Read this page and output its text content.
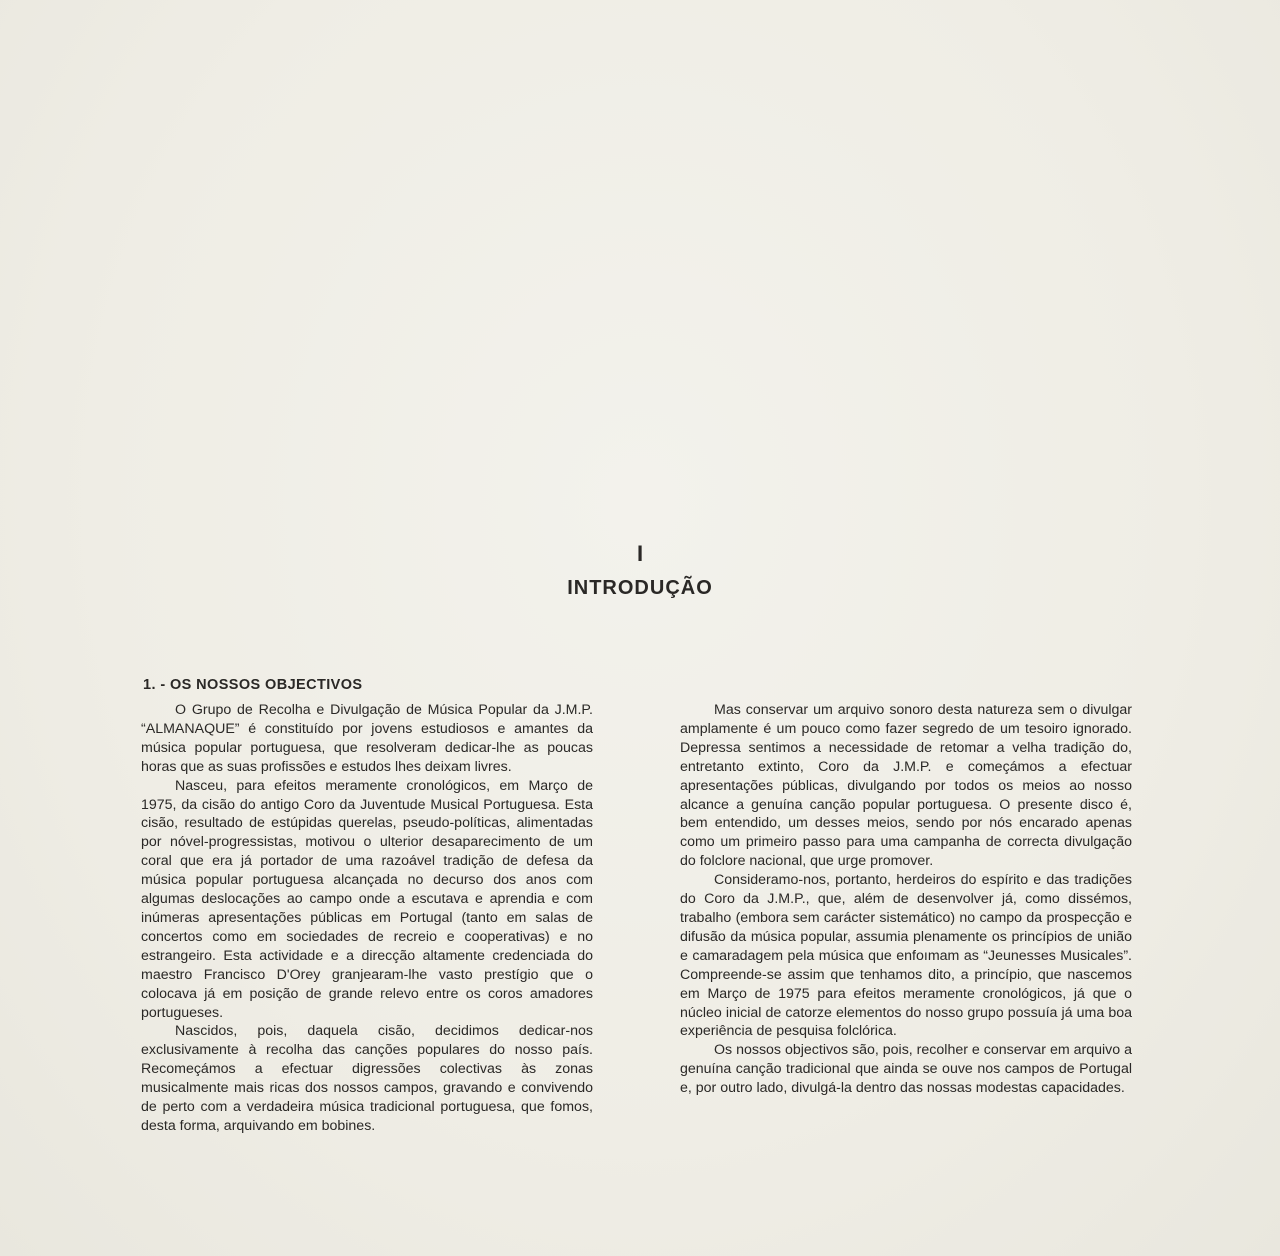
I
INTRODUÇÃO
1. - OS NOSSOS OBJECTIVOS

O Grupo de Recolha e Divulgação de Música Popular da J.M.P. “ALMANAQUE” é constituído por jovens estudiosos e amantes da música popular portuguesa, que resolveram dedicar-lhe as poucas horas que as suas profissões e estudos lhes deixam livres.

Nasceu, para efeitos meramente cronológicos, em Março de 1975, da cisão do antigo Coro da Juventude Musical Portuguesa. Esta cisão, resultado de estúpidas querelas, pseudo-políticas, alimentadas por nóvel-progressistas, motivou o ulterior desaparecimento de um coral que era já portador de uma razoável tradição de defesa da música popular portuguesa alcançada no decurso dos anos com algumas deslocações ao campo onde a escutava e aprendia e com inúmeras apresentações públicas em Portugal (tanto em salas de concertos como em sociedades de recreio e cooperativas) e no estrangeiro. Esta actividade e a direcção altamente credenciada do maestro Francisco D'Orey granjearam-lhe vasto prestígio que o colocava já em posição de grande relevo entre os coros amadores portugueses.

Nascidos, pois, daquela cisão, decidimos dedicar-nos exclusivamente à recolha das canções populares do nosso país. Recomeçámos a efectuar digressões colectivas às zonas musicalmente mais ricas dos nossos campos, gravando e convivendo de perto com a verdadeira música tradicional portuguesa, que fomos, desta forma, arquivando em bobines.

Mas conservar um arquivo sonoro desta natureza sem o divulgar amplamente é um pouco como fazer segredo de um tesoiro ignorado. Depressa sentimos a necessidade de retomar a velha tradição do, entretanto extinto, Coro da J.M.P. e começámos a efectuar apresentações públicas, divulgando por todos os meios ao nosso alcance a genuína canção popular portuguesa. O presente disco é, bem entendido, um desses meios, sendo por nós encarado apenas como um primeiro passo para uma campanha de correcta divulgação do folclore nacional, que urge promover.

Consideramo-nos, portanto, herdeiros do espírito e das tradições do Coro da J.M.P., que, além de desenvolver já, como dissémos, trabalho (embora sem carácter sistemático) no campo da prospecção e difusão da música popular, assumia plenamente os princípios de união e camaradagem pela música que enfoımam as “Jeunesses Musicales”. Compreende-se assim que tenhamos dito, a princípio, que nascemos em Março de 1975 para efeitos meramente cronológicos, já que o núcleo inicial de catorze elementos do nosso grupo possuía já uma boa experiência de pesquisa folclórica.

Os nossos objectivos são, pois, recolher e conservar em arquivo a genuína canção tradicional que ainda se ouve nos campos de Portugal e, por outro lado, divulgá-la dentro das nossas modestas capacidades.
